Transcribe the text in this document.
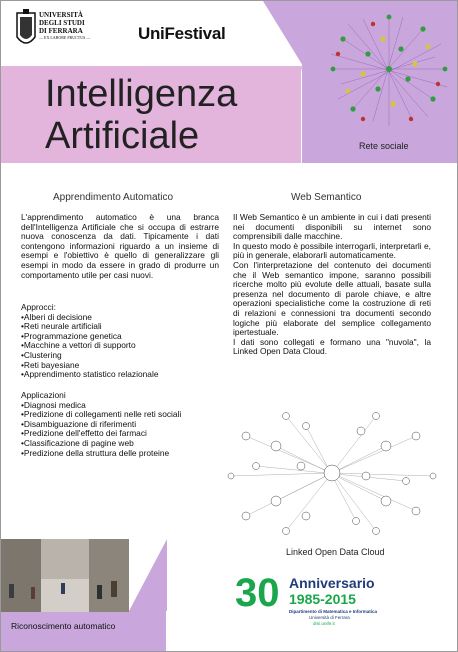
UNIVERSITÀ
DEGLI STUDI
DI FERRARA
— EX LABORE FRUCTUS —	UniFestival
Intelligenza
Artificiale	Rete sociale
Apprendimento Automatico
L'apprendimento automatico è una branca dell'Intelligenza Artificiale che si occupa di estrarre nuova conoscenza da dati. Tipicamente i dati contengono informazioni riguardo a un insieme di esempi e l'obiettivo è quello di generalizzare gli esempi in modo da essere in grado di produrre un comportamento utile per casi nuovi.
Approcci:
•Alberi di decisione
•Reti neurale artificiali
•Programmazione genetica
•Macchine a vettori di supporto
•Clustering
•Reti bayesiane
•Apprendimento statistico relazionale
Applicazioni
•Diagnosi medica
•Predizione di collegamenti nelle reti sociali
•Disambiguazione di riferimenti
•Predizione dell'effetto dei farmaci
•Classificazione di pagine web
•Predizione della struttura delle proteine
Web Semantico
Il Web Semantico è un ambiente in cui i dati presenti nei documenti disponibili su internet sono comprensibili dalle macchine.
In questo modo è possibile interrogarli, interpretarli e, più in generale, elaborarli automaticamente.
Con l'interpretazione del contenuto dei documenti che il Web semantico impone, saranno possibili ricerche molto più evolute delle attuali, basate sulla presenza nel documento di parole chiave, e altre operazioni specialistiche come la costruzione di reti di relazioni e connessioni tra documenti secondo logiche più elaborate del semplice collegamento ipertestuale.
I dati sono collegati e formano una "nuvola", la Linked Open Data Cloud.
Linked Open Data Cloud
Riconoscimento automatico
30 Anniversario
1985-2015
Dipartimento di Matematica e Informatica
Università di Ferrara
dmi.unife.it
